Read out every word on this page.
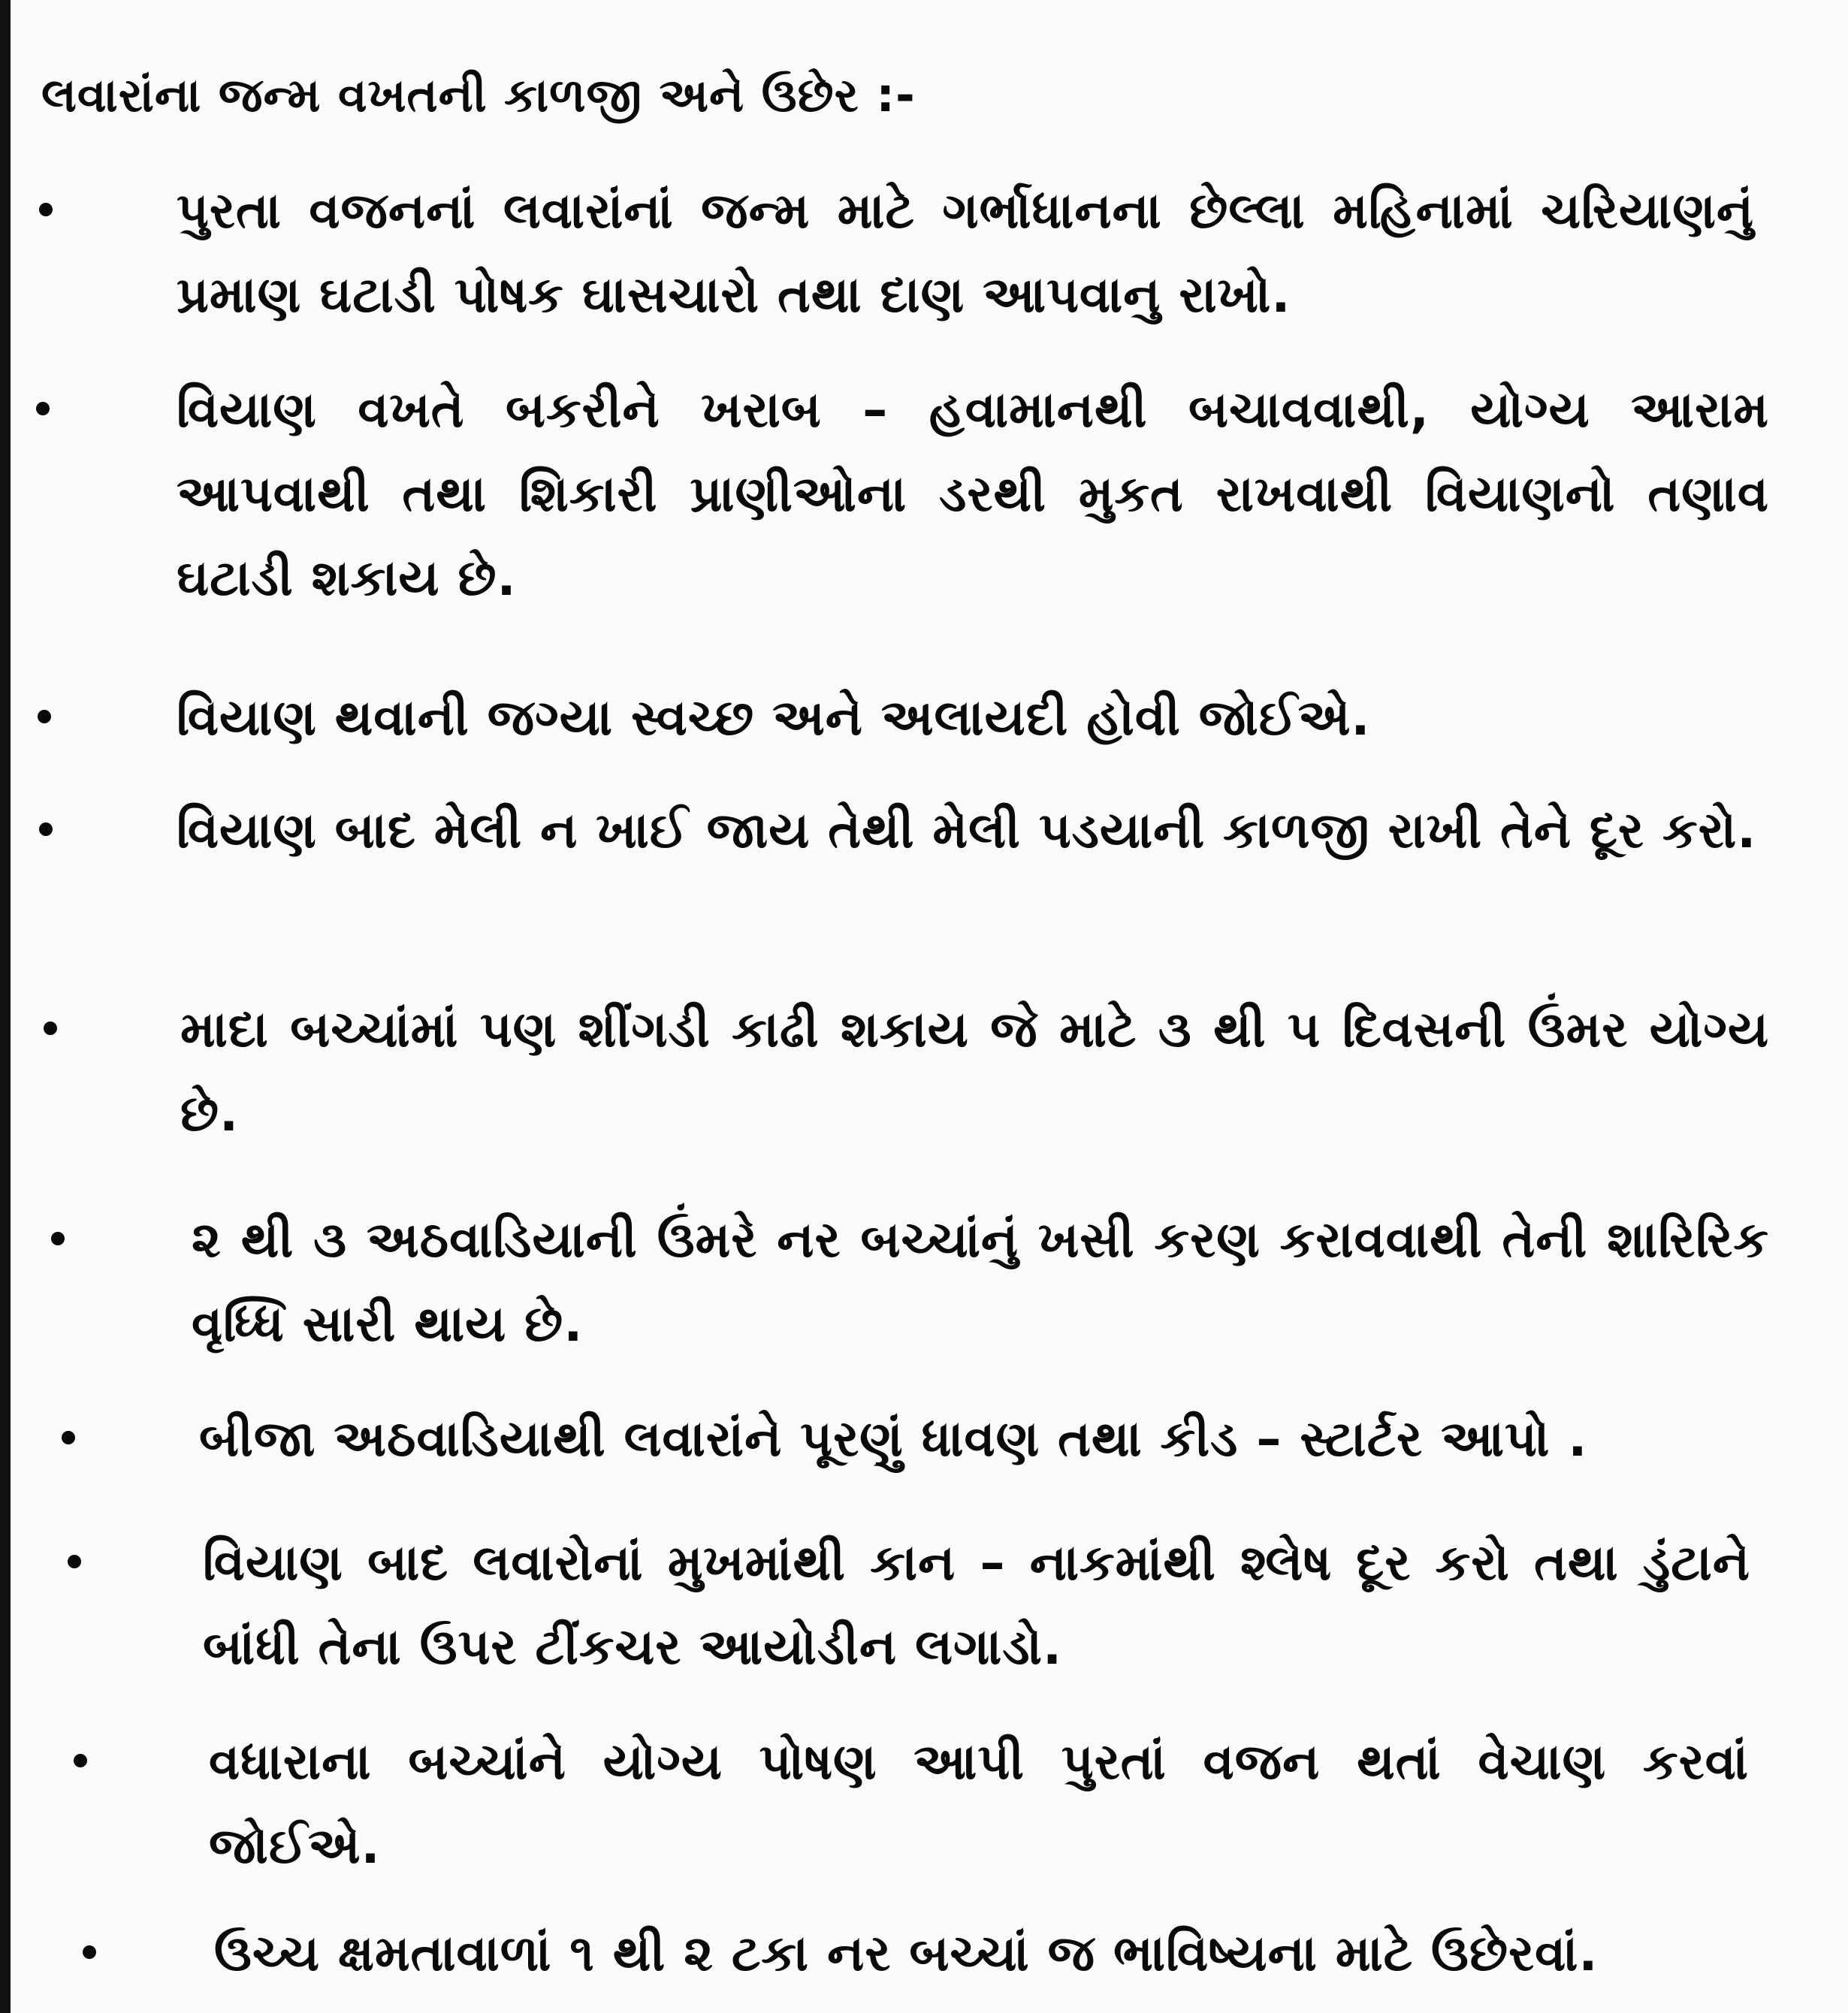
લવારાંના જન્મ વખતની કાળજી અને ઉછેર :-
પુરતા વજનનાં લવારાંનાં જન્મ માટે ગર્ભાધાનના છેલ્લા મહિનામાં ચરિયાણનું પ્રમાણ ઘટાડી પોષક ઘાસચારો તથા દાણ આપવાનુ રાખો.
વિયાણ વખતે બકરીને ખરાબ – હવામાનથી બચાવવાથી, યોગ્ય આરામ આપવાથી તથા શિકારી પ્રાણીઓના ડરથી મુકત રાખવાથી વિયાણનો તણાવ ઘટાડી શકાય છે.
વિયાણ થવાની જગ્યા સ્વચ્છ અને અલાયદી હોવી જોઈએ.
વિયાણ બાદ મેલી ન ખાઈ જાય તેથી મેલી પડયાની કાળજી રાખી તેને દૂર કરો.
માદા બચ્ચાંમાં પણ શીંગડી કાઢી શકાય જે માટે ૩ થી ૫ દિવસની ઉંમર યોગ્ય છે.
૨ થી ૩ અઠવાડિયાની ઉંમરે નર બચ્ચાંનું ખસી કરણ કરાવવાથી તેની શારિરિક વૃધ્ધિ સારી થાય છે.
બીજા અઠવાડિયાથી લવારાંને પૂરણું ધાવણ તથા કીડ – સ્ટાર્ટર આપો .
વિયાણ બાદ લવારોનાં મુખમાંથી કાન – નાકમાંથી શ્લેષ દૂર કરો તથા ડુંટાને બાંધી તેના ઉપર ટીંકચર આયોડીન લગાડો.
વધારાના બચ્ચાંને યોગ્ય પોષણ આપી પુરતાં વજન થતાં વેચાણ કરવાં જોઈએ.
ઉચ્ચ ક્ષમતાવાળાં ૧ થી ૨ ટકા નર બચ્ચાં જ ભાવિષ્યના માટે ઉછેરવાં.
